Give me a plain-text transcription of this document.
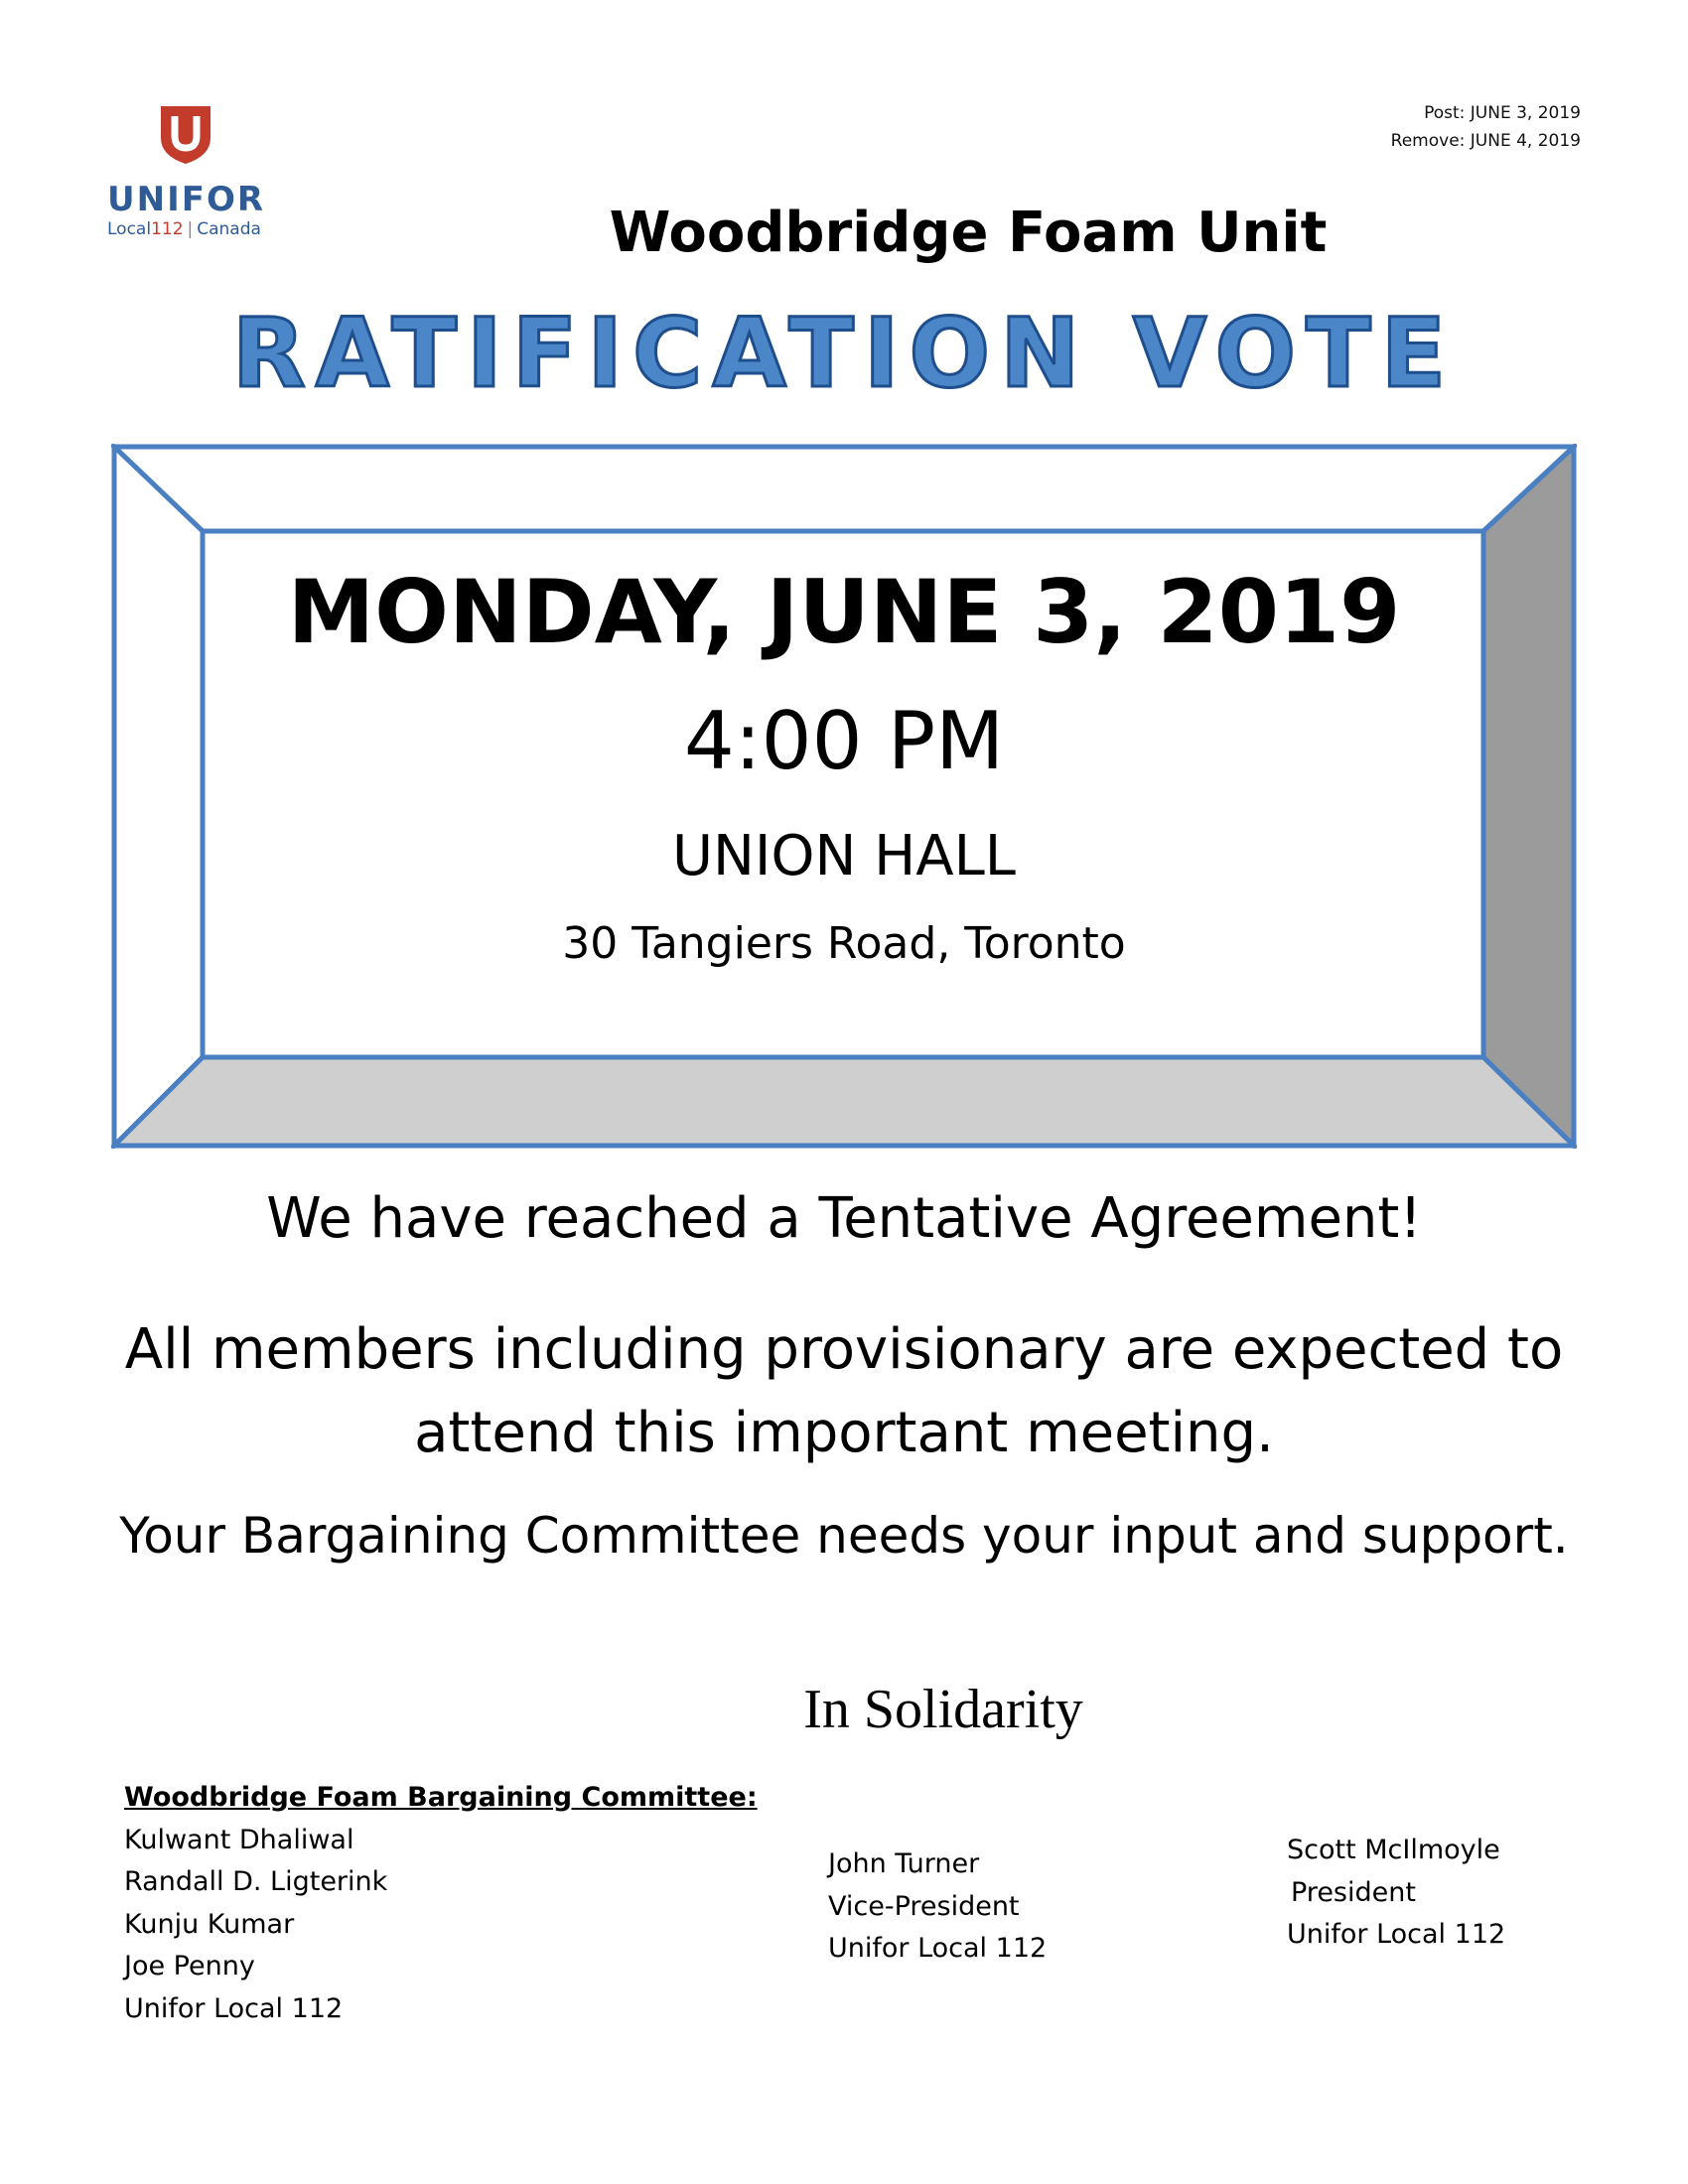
UNIFOR
Local112 | Canada
Post: JUNE 3, 2019
Remove: JUNE 4, 2019
Woodbridge Foam Unit
RATIFICATION VOTE
MONDAY, JUNE 3, 2019
4:00 PM
UNION HALL
30 Tangiers Road, Toronto
We have reached a Tentative Agreement!
All members including provisionary are expected to
attend this important meeting.
Your Bargaining Committee needs your input and support.
In Solidarity
Woodbridge Foam Bargaining Committee:
Kulwant Dhaliwal
Randall D. Ligterink
Kunju Kumar
Joe Penny
Unifor Local 112
John Turner
Vice-President
Unifor Local 112
Scott McIlmoyle
President
Unifor Local 112
